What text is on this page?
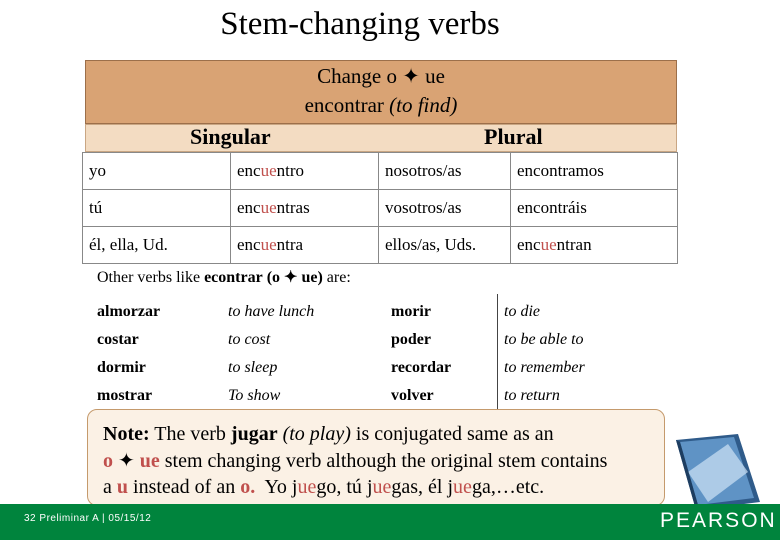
Stem-changing verbs
Change o ✦ ue
encontrar (to find)
Singular	Plural
yo	encuentro	nosotros/as	encontramos
tú	encuentras	vosotros/as	encontráis
él, ella, Ud.	encuentra	ellos/as, Uds.	encuentran
Other verbs like econtrar (o ✦ ue) are:
almorzar	to have lunch	morir	to die
costar	to cost	poder	to be able to
dormir	to sleep	recordar	to remember
mostrar	To show	volver	to return
Note: The verb jugar (to play) is conjugated same as an
o ✦ ue stem changing verb although the original stem contains
a u instead of an o. Yo juego, tú juegas, él juega,…etc.
32 Preliminar A | 05/15/12	PEARSON
